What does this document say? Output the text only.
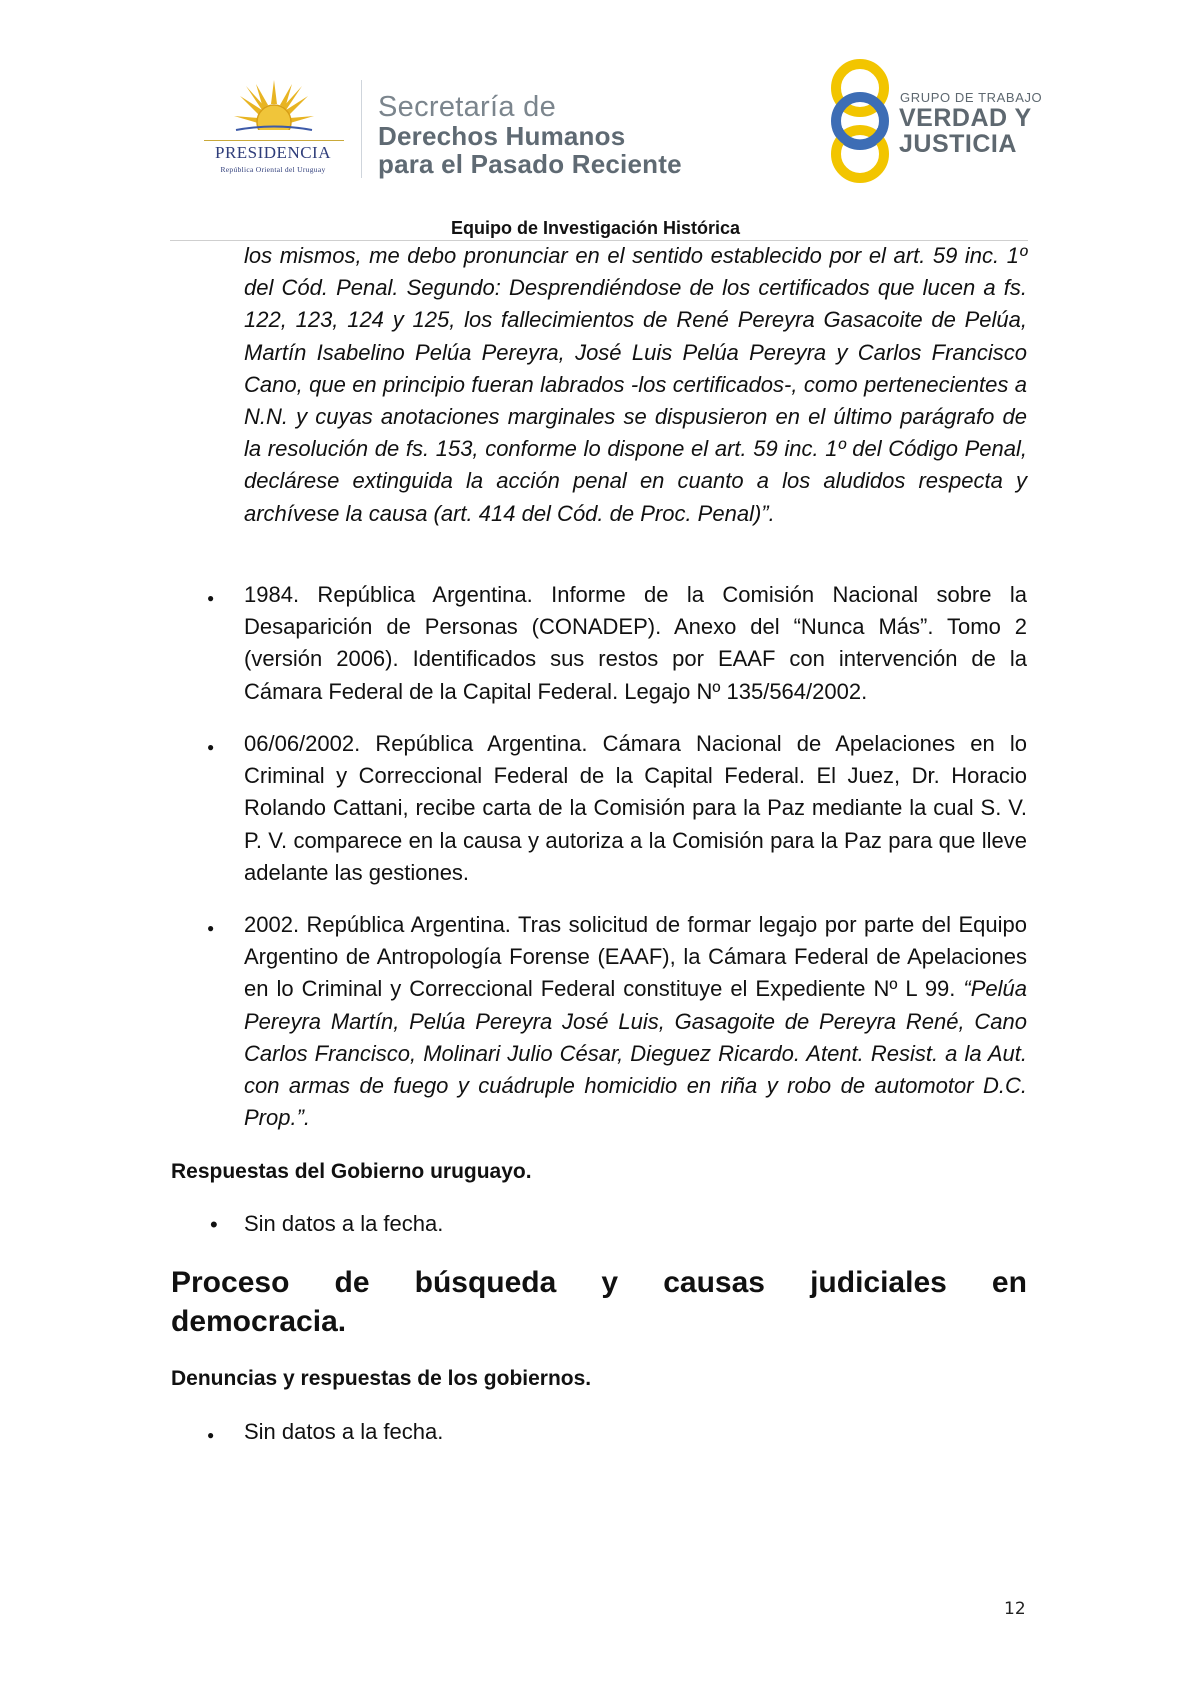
PRESIDENCIA
República Oriental del Uruguay
Secretaría de
Derechos Humanos
para el Pasado Reciente
GRUPO DE TRABAJO
VERDAD Y
JUSTICIA
Equipo de Investigación Histórica
los mismos, me debo pronunciar en el sentido establecido por el art. 59 inc. 1º del Cód. Penal. Segundo: Desprendiéndose de los certificados que lucen a fs. 122, 123, 124 y 125, los fallecimientos de René Pereyra Gasacoite de Pelúa, Martín Isabelino Pelúa Pereyra, José Luis Pelúa Pereyra y Carlos Francisco Cano, que en principio fueran labrados -los certificados-, como pertenecientes a N.N. y cuyas anotaciones marginales se dispusieron en el último parágrafo de la resolución de fs. 153, conforme lo dispone el art. 59 inc. 1º del Código Penal, declárese extinguida la acción penal en cuanto a los aludidos respecta y archívese la causa (art. 414 del Cód. de Proc. Penal)”.
● 1984. República Argentina. Informe de la Comisión Nacional sobre la Desaparición de Personas (CONADEP). Anexo del “Nunca Más”. Tomo 2 (versión 2006). Identificados sus restos por EAAF con intervención de la Cámara Federal de la Capital Federal. Legajo Nº 135/564/2002.
● 06/06/2002. República Argentina. Cámara Nacional de Apelaciones en lo Criminal y Correccional Federal de la Capital Federal. El Juez, Dr. Horacio Rolando Cattani, recibe carta de la Comisión para la Paz mediante la cual S. V. P. V. comparece en la causa y autoriza a la Comisión para la Paz para que lleve adelante las gestiones.
● 2002. República Argentina. Tras solicitud de formar legajo por parte del Equipo Argentino de Antropología Forense (EAAF), la Cámara Federal de Apelaciones en lo Criminal y Correccional Federal constituye el Expediente Nº L 99. “Pelúa Pereyra Martín, Pelúa Pereyra José Luis, Gasagoite de Pereyra René, Cano Carlos Francisco, Molinari Julio César, Dieguez Ricardo. Atent. Resist. a la Aut. con armas de fuego y cuádruple homicidio en riña y robo de automotor D.C. Prop.”.
Respuestas del Gobierno uruguayo.
• Sin datos a la fecha.
Proceso de búsqueda y causas judiciales en
democracia.
Denuncias y respuestas de los gobiernos.
● Sin datos a la fecha.
12
